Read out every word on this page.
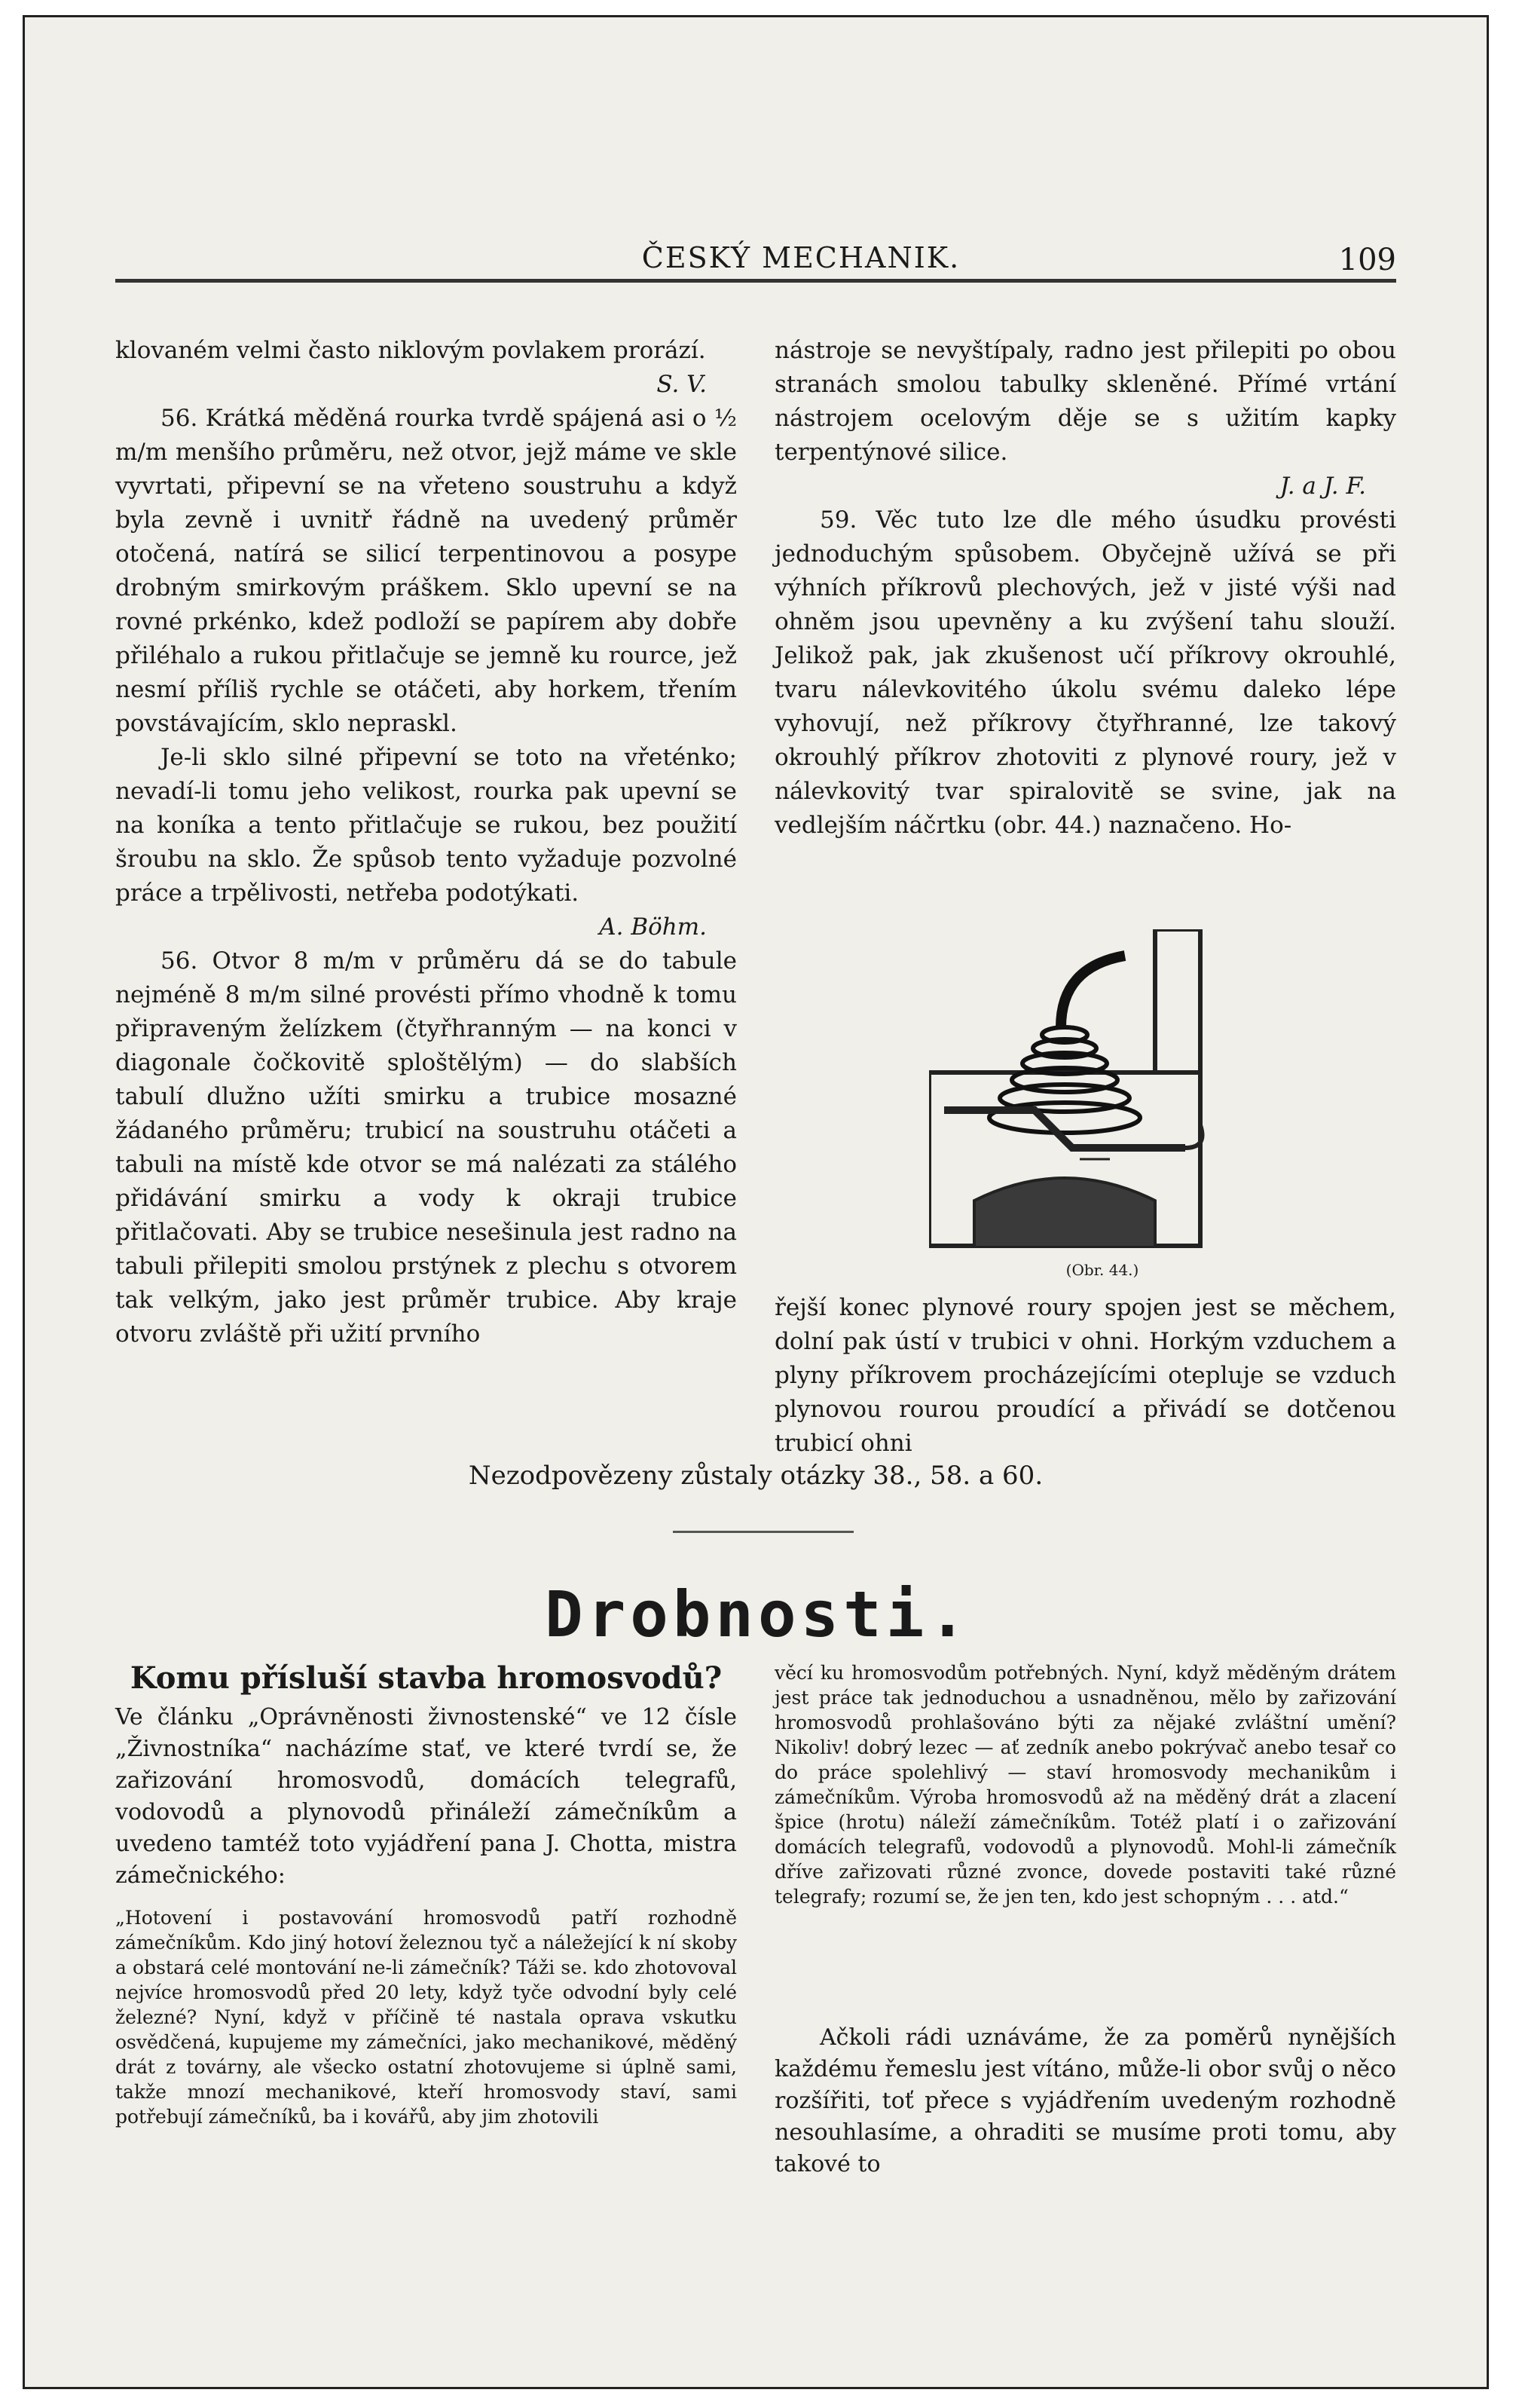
ČESKÝ MECHANIK.	109

klovaném velmi často niklovým povlakem prorází.

S. V.

56. Krátká měděná rourka tvrdě spájená asi o ½ m/m menšího průměru, než otvor, jejž máme ve skle vyvrtati, připevní se na vřeteno soustruhu a když byla zevně i uvnitř řádně na uvedený průměr otočená, natírá se silicí terpentinovou a posype drobným smirkovým práškem. Sklo upevní se na rovné prkénko, kdež podloží se papírem aby dobře přiléhalo a rukou přitlačuje se jemně ku rource, jež nesmí příliš rychle se otáčeti, aby horkem, třením povstávajícím, sklo nepraskl.

Je-li sklo silné připevní se toto na vřeténko; nevadí-li tomu jeho velikost, rourka pak upevní se na koníka a tento přitlačuje se rukou, bez použití šroubu na sklo. Že spůsob tento vyžaduje pozvolné práce a trpělivosti, netřeba podotýkati.

A. Böhm.

56. Otvor 8 m/m v průměru dá se do tabule nejméně 8 m/m silné provésti přímo vhodně k tomu připraveným želízkem (čtyřhranným — na konci v diagonale čočkovitě sploštělým) — do slabších tabulí dlužno užíti smirku a trubice mosazné žádaného průměru; trubicí na soustruhu otáčeti a tabuli na místě kde otvor se má nalézati za stálého přidávání smirku a vody k okraji trubice přitlačovati. Aby se trubice nesešinula jest radno na tabuli přilepiti smolou prstýnek z plechu s otvorem tak velkým, jako jest průměr trubice. Aby kraje otvoru zvláště při užití prvního

nástroje se nevyštípaly, radno jest přilepiti po obou stranách smolou tabulky skleněné. Přímé vrtání nástrojem ocelovým děje se s užitím kapky terpentýnové silice.

J. a J. F.

59. Věc tuto lze dle mého úsudku provésti jednoduchým spůsobem. Obyčejně užívá se při výhních příkrovů plechových, jež v jisté výši nad ohněm jsou upevněny a ku zvýšení tahu slouží. Jelikož pak, jak zkušenost učí příkrovy okrouhlé, tvaru nálevkovitého úkolu svému daleko lépe vyhovují, než příkrovy čtyřhranné, lze takový okrouhlý příkrov zhotoviti z plynové roury, jež v nálevkovitý tvar spiralovitě se svine, jak na vedlejším náčrtku (obr. 44.) naznačeno. Ho-

(Obr. 44.)

řejší konec plynové roury spojen jest se měchem, dolní pak ústí v trubici v ohni. Horkým vzduchem a plyny příkrovem procházejícími otepluje se vzduch plynovou rourou proudící a přivádí se dotčenou trubicí ohni

Nezodpovězeny zůstaly otázky 38., 58. a 60.
Drobnosti.
Komu přísluší stavba hromosvodů?

Ve článku „Oprávněnosti živnostenské“ ve 12 čísle „Živnostníka“ nacházíme stať, ve které tvrdí se, že zařizování hromosvodů, domácích telegrafů, vodovodů a plynovodů přináleží zámečníkům a uvedeno tamtéž toto vyjádření pana J. Chotta, mistra zámečnického:

„Hotovení i postavování hromosvodů patří rozhodně zámečníkům. Kdo jiný hotoví železnou tyč a náležející k ní skoby a obstará celé montování ne-li zámečník? Táži se. kdo zhotovoval nejvíce hromosvodů před 20 lety, když tyče odvodní byly celé železné? Nyní, když v příčině té nastala oprava vskutku osvědčená, kupujeme my zámečníci, jako mechanikové, měděný drát z továrny, ale všecko ostatní zhotovujeme si úplně sami, takže mnozí mechanikové, kteří hromosvody staví, sami potřebují zámečníků, ba i kovářů, aby jim zhotovili

věcí ku hromosvodům potřebných. Nyní, když měděným drátem jest práce tak jednoduchou a usnadněnou, mělo by zařizování hromosvodů prohlašováno býti za nějaké zvláštní umění? Nikoliv! dobrý lezec — ať zedník anebo pokrývač anebo tesař co do práce spolehlivý — staví hromosvody mechanikům i zámečníkům. Výroba hromosvodů až na měděný drát a zlacení špice (hrotu) náleží zámečníkům. Totéž platí i o zařizování domácích telegrafů, vodovodů a plynovodů. Mohl-li zámečník dříve zařizovati různé zvonce, dovede postaviti také různé telegrafy; rozumí se, že jen ten, kdo jest schopným . . . atd.“

Ačkoli rádi uznáváme, že za poměrů nynějších každému řemeslu jest vítáno, může-li obor svůj o něco rozšířiti, toť přece s vyjádřením uvedeným rozhodně nesouhlasíme, a ohraditi se musíme proti tomu, aby takové to
